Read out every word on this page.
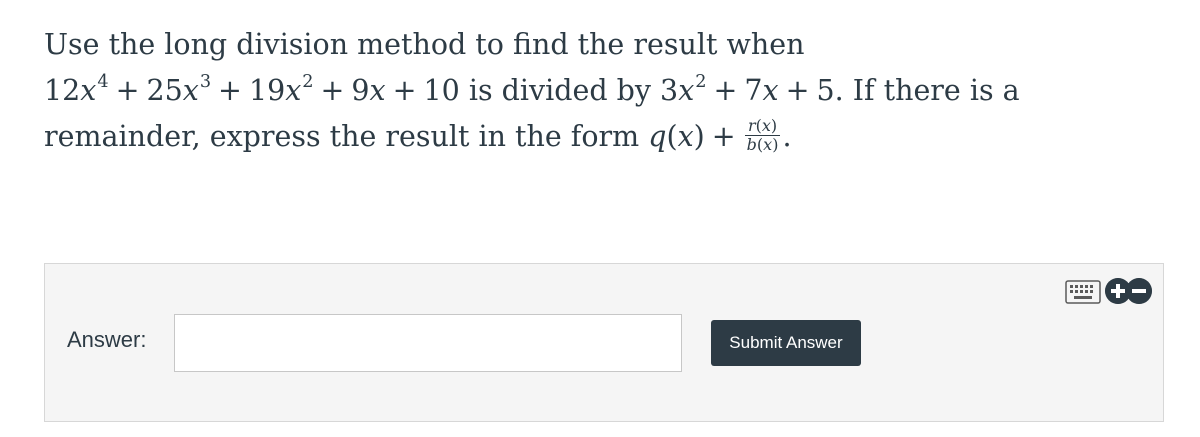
Use the long division method to find the result when
$12x^4 + 25x^3 + 19x^2 + 9x + 10$ is divided by $3x^2 + 7x + 5$. If there is a
remainder, express the result in the form $q(x) + \frac{r(x)}{b(x)}$ .
Answer:	Submit Answer
